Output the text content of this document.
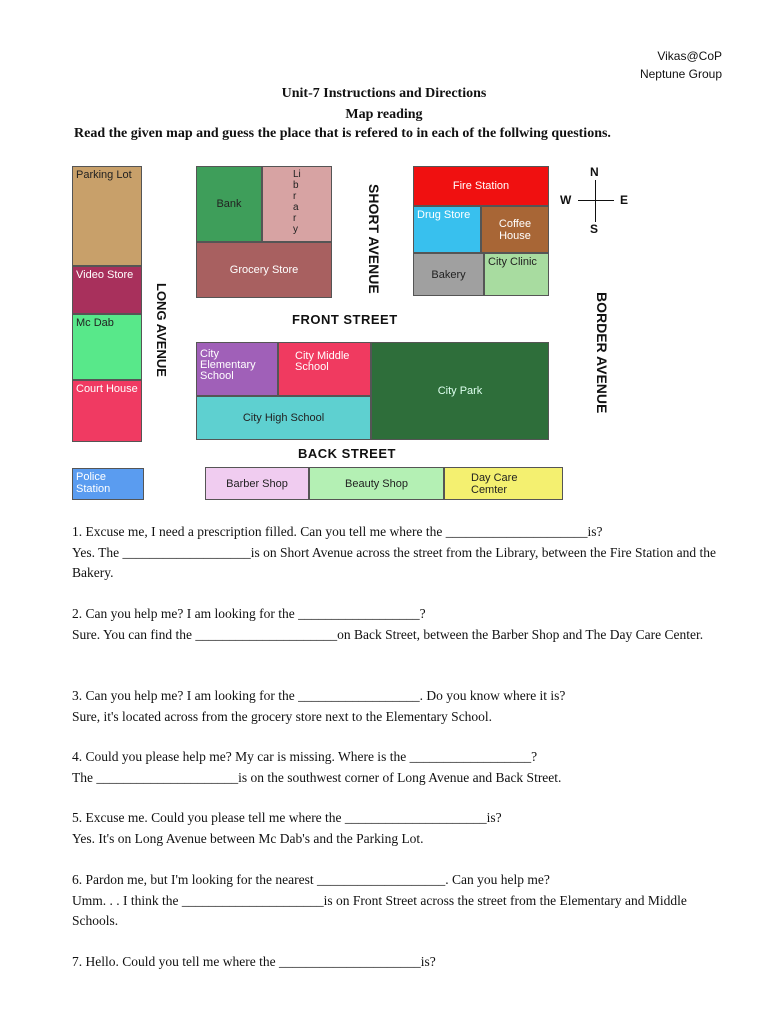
Vikas@CoP
Neptune Group
Unit-7 Instructions and Directions
Map reading
Read the given map and guess the place that is refered to in each of the follwing questions.
Parking Lot
Video Store
Mc Dab
Court House
Police Station
LONG AVENUE
Bank
Library
Grocery Store	SHORT AVENUE	Fire Station
Drug Store
Coffee House
Bakery
City Clinic
N
S
E
W
FRONT STREET	BORDER AVENUE
City Elementary School
City Middle School
City Park
City High School
BACK STREET
Barber Shop	Beauty Shop	Day Care Cemter

1. Excuse me, I need a prescription filled. Can you tell me where the _____________________is?

Yes. The ___________________is on Short Avenue across the street from the Library, between the Fire Station and the Bakery.

2. Can you help me? I am looking for the __________________?

Sure. You can find the _____________________on Back Street, between the Barber Shop and The Day Care Center.

3. Can you help me? I am looking for the __________________. Do you know where it is?

Sure, it's located across from the grocery store next to the Elementary School.

4. Could you please help me? My car is missing. Where is the __________________?

The _____________________is on the southwest corner of Long Avenue and Back Street.

5. Excuse me. Could you please tell me where the _____________________is?

Yes. It's on Long Avenue between Mc Dab's and the Parking Lot.

6. Pardon me, but I'm looking for the nearest ___________________. Can you help me?

Umm. . . I think the _____________________is on Front Street across the street from the Elementary and Middle Schools.

7. Hello. Could you tell me where the _____________________is?
